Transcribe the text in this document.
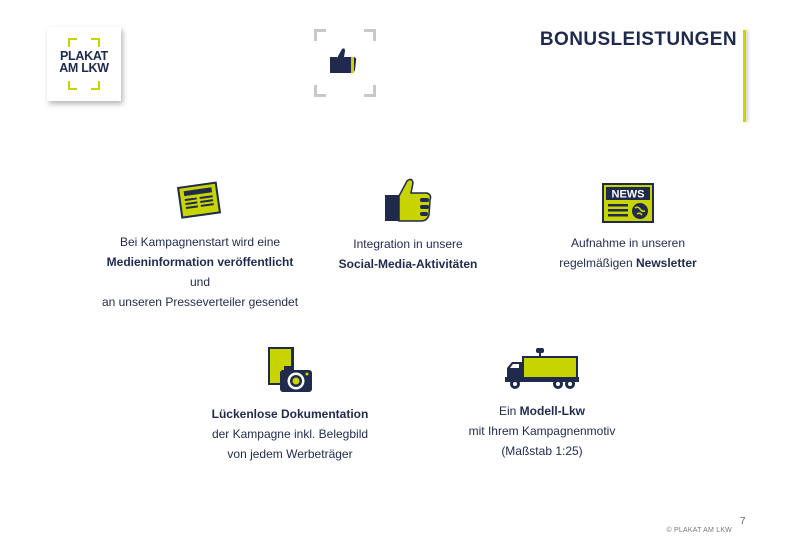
PLAKAT
AM LKW
BONUSLEISTUNGEN
Bei Kampagnenstart wird eine
Medieninformation veröffentlicht und
an unseren Presseverteiler gesendet
Integration in unsere
Social-Media-Aktivitäten
NEWS
Aufnahme in unseren
regelmäßigen Newsletter
Lückenlose Dokumentation
der Kampagne inkl. Belegbild
von jedem Werbeträger
Ein Modell-Lkw
mit Ihrem Kampagnenmotiv
(Maßstab 1:25)
7
© PLAKAT AM LKW
